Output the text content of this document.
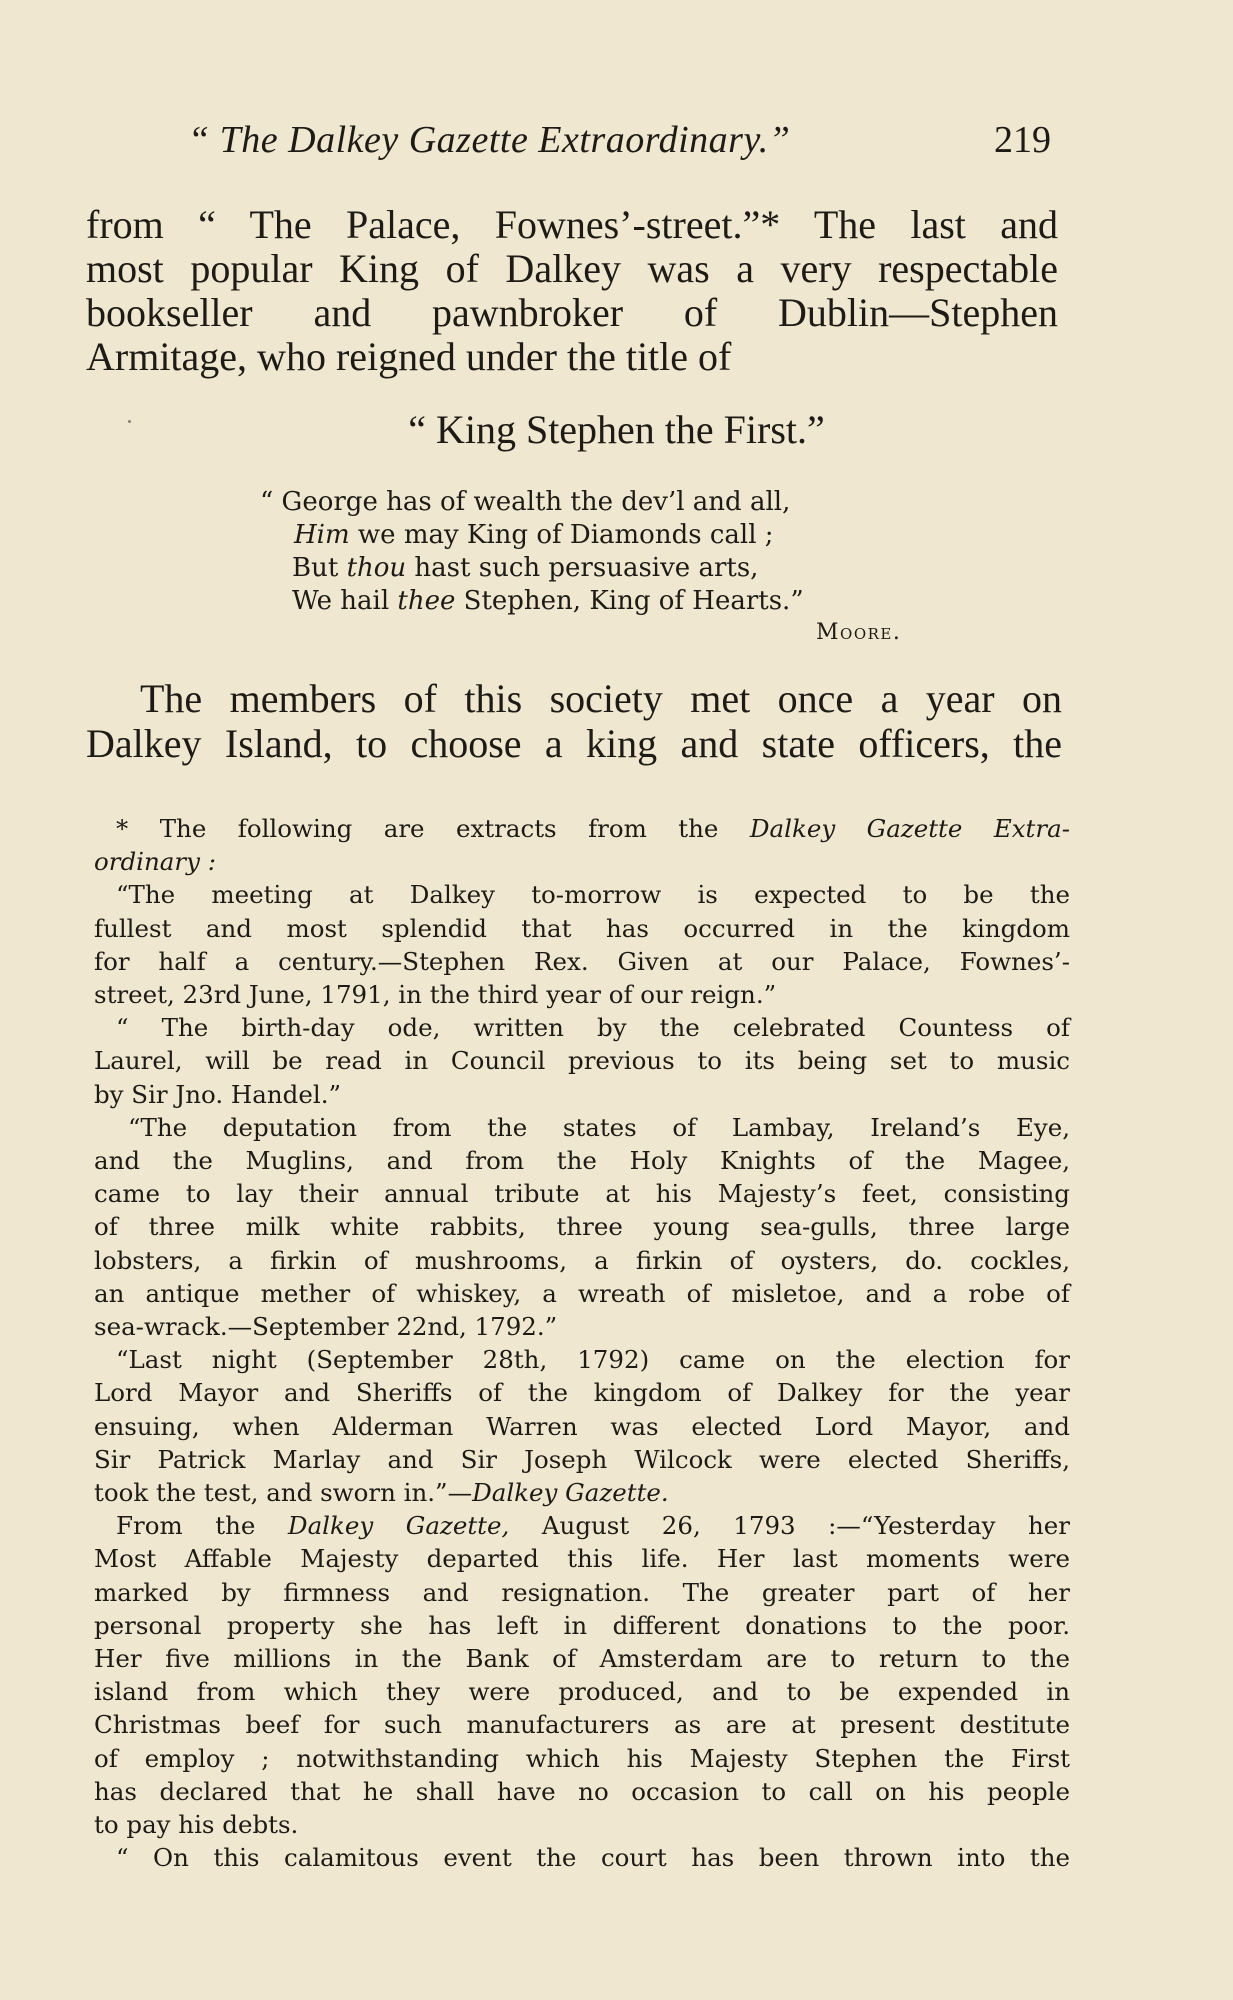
“ The Dalkey Gazette Extraordinary.”	219
from “ The Palace, Fownes’-street.”* The last and
most popular King of Dalkey was a very respectable
bookseller and pawnbroker of Dublin—Stephen
Armitage, who reigned under the title of
“ King Stephen the First.”
“ George has of wealth the dev’l and all,
Him we may King of Diamonds call ;
But thou hast such persuasive arts,
We hail thee Stephen, King of Hearts.”
Moore.
The members of this society met once a year on
Dalkey Island, to choose a king and state officers, the
* The following are extracts from the Dalkey Gazette Extra-
ordinary :
“The meeting at Dalkey to-morrow is expected to be the
fullest and most splendid that has occurred in the kingdom
for half a century.—Stephen Rex. Given at our Palace, Fownes’-
street, 23rd June, 1791, in the third year of our reign.”
“ The birth-day ode, written by the celebrated Countess of
Laurel, will be read in Council previous to its being set to music
by Sir Jno. Handel.”
“The deputation from the states of Lambay, Ireland’s Eye,
and the Muglins, and from the Holy Knights of the Magee,
came to lay their annual tribute at his Majesty’s feet, consisting
of three milk white rabbits, three young sea-gulls, three large
lobsters, a firkin of mushrooms, a firkin of oysters, do. cockles,
an antique mether of whiskey, a wreath of misletoe, and a robe of
sea-wrack.—September 22nd, 1792.”
“Last night (September 28th, 1792) came on the election for
Lord Mayor and Sheriffs of the kingdom of Dalkey for the year
ensuing, when Alderman Warren was elected Lord Mayor, and
Sir Patrick Marlay and Sir Joseph Wilcock were elected Sheriffs,
took the test, and sworn in.”—Dalkey Gazette.
From the Dalkey Gazette, August 26, 1793 :—“Yesterday her
Most Affable Majesty departed this life. Her last moments were
marked by firmness and resignation. The greater part of her
personal property she has left in different donations to the poor.
Her five millions in the Bank of Amsterdam are to return to the
island from which they were produced, and to be expended in
Christmas beef for such manufacturers as are at present destitute
of employ ; notwithstanding which his Majesty Stephen the First
has declared that he shall have no occasion to call on his people
to pay his debts.
“ On this calamitous event the court has been thrown into the
